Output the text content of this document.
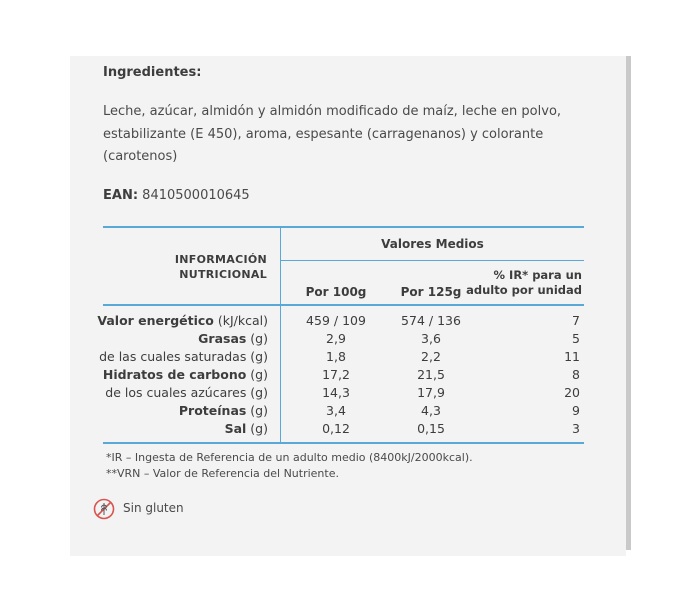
Ingredientes:
Leche, azúcar, almidón y almidón modificado de maíz, leche en polvo, estabilizante (E 450), aroma, espesante (carragenanos) y colorante (carotenos)
EAN: 8410500010645
INFORMACIÓN
NUTRICIONAL
Valores Medios
Por 100g	Por 125g
% IR* para un
adulto por unidad
Valor energético (kJ/kcal)	459 / 109	574 / 136	7
Grasas (g)	2,9	3,6	5
de las cuales saturadas (g)	1,8	2,2	11
Hidratos de carbono (g)	17,2	21,5	8
de los cuales azúcares (g)	14,3	17,9	20
Proteínas (g)	3,4	4,3	9
Sal (g)	0,12	0,15	3
*IR – Ingesta de Referencia de un adulto medio (8400kJ/2000kcal).
**VRN – Valor de Referencia del Nutriente.
Sin gluten
